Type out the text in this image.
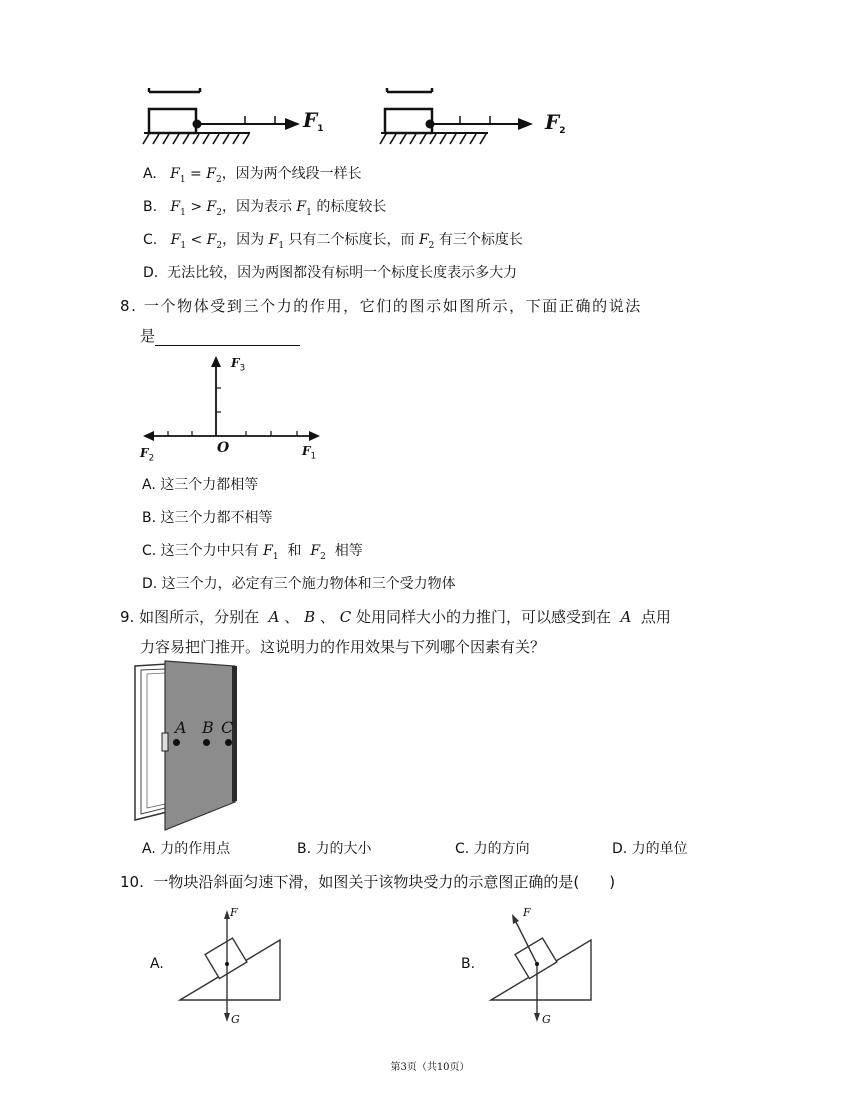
$F_1$	$F_2$
A. $F_1 = F_2$，因为两个线段一样长
B. $F_1 > F_2$，因为表示 $F_1$ 的标度较长
C. $F_1 < F_2$，因为 $F_1$ 只有二个标度长，而 $F_2$ 有三个标度长
D. 无法比较，因为两图都没有标明一个标度长度表示多大力
8. 一个物体受到三个力的作用，它们的图示如图所示，下面正确的说法
是
$F_3$
O	$F_1$
$F_2$
A. 这三个力都相等
B. 这三个力都不相等
C. 这三个力中只有 $F_1$ 和 $F_2$ 相等
D. 这三个力，必定有三个施力物体和三个受力物体
9. 如图所示，分别在 A 、 B 、 C 处用同样大小的力推门，可以感受到在 A 点用
力容易把门推开。这说明力的作用效果与下列哪个因素有关？
A B C
A. 力的作用点	B. 力的大小	C. 力的方向	D. 力的单位
10. 一物块沿斜面匀速下滑，如图关于该物块受力的示意图正确的是(　　)
A.
F
G
B.
F
G
第3页（共10页）
